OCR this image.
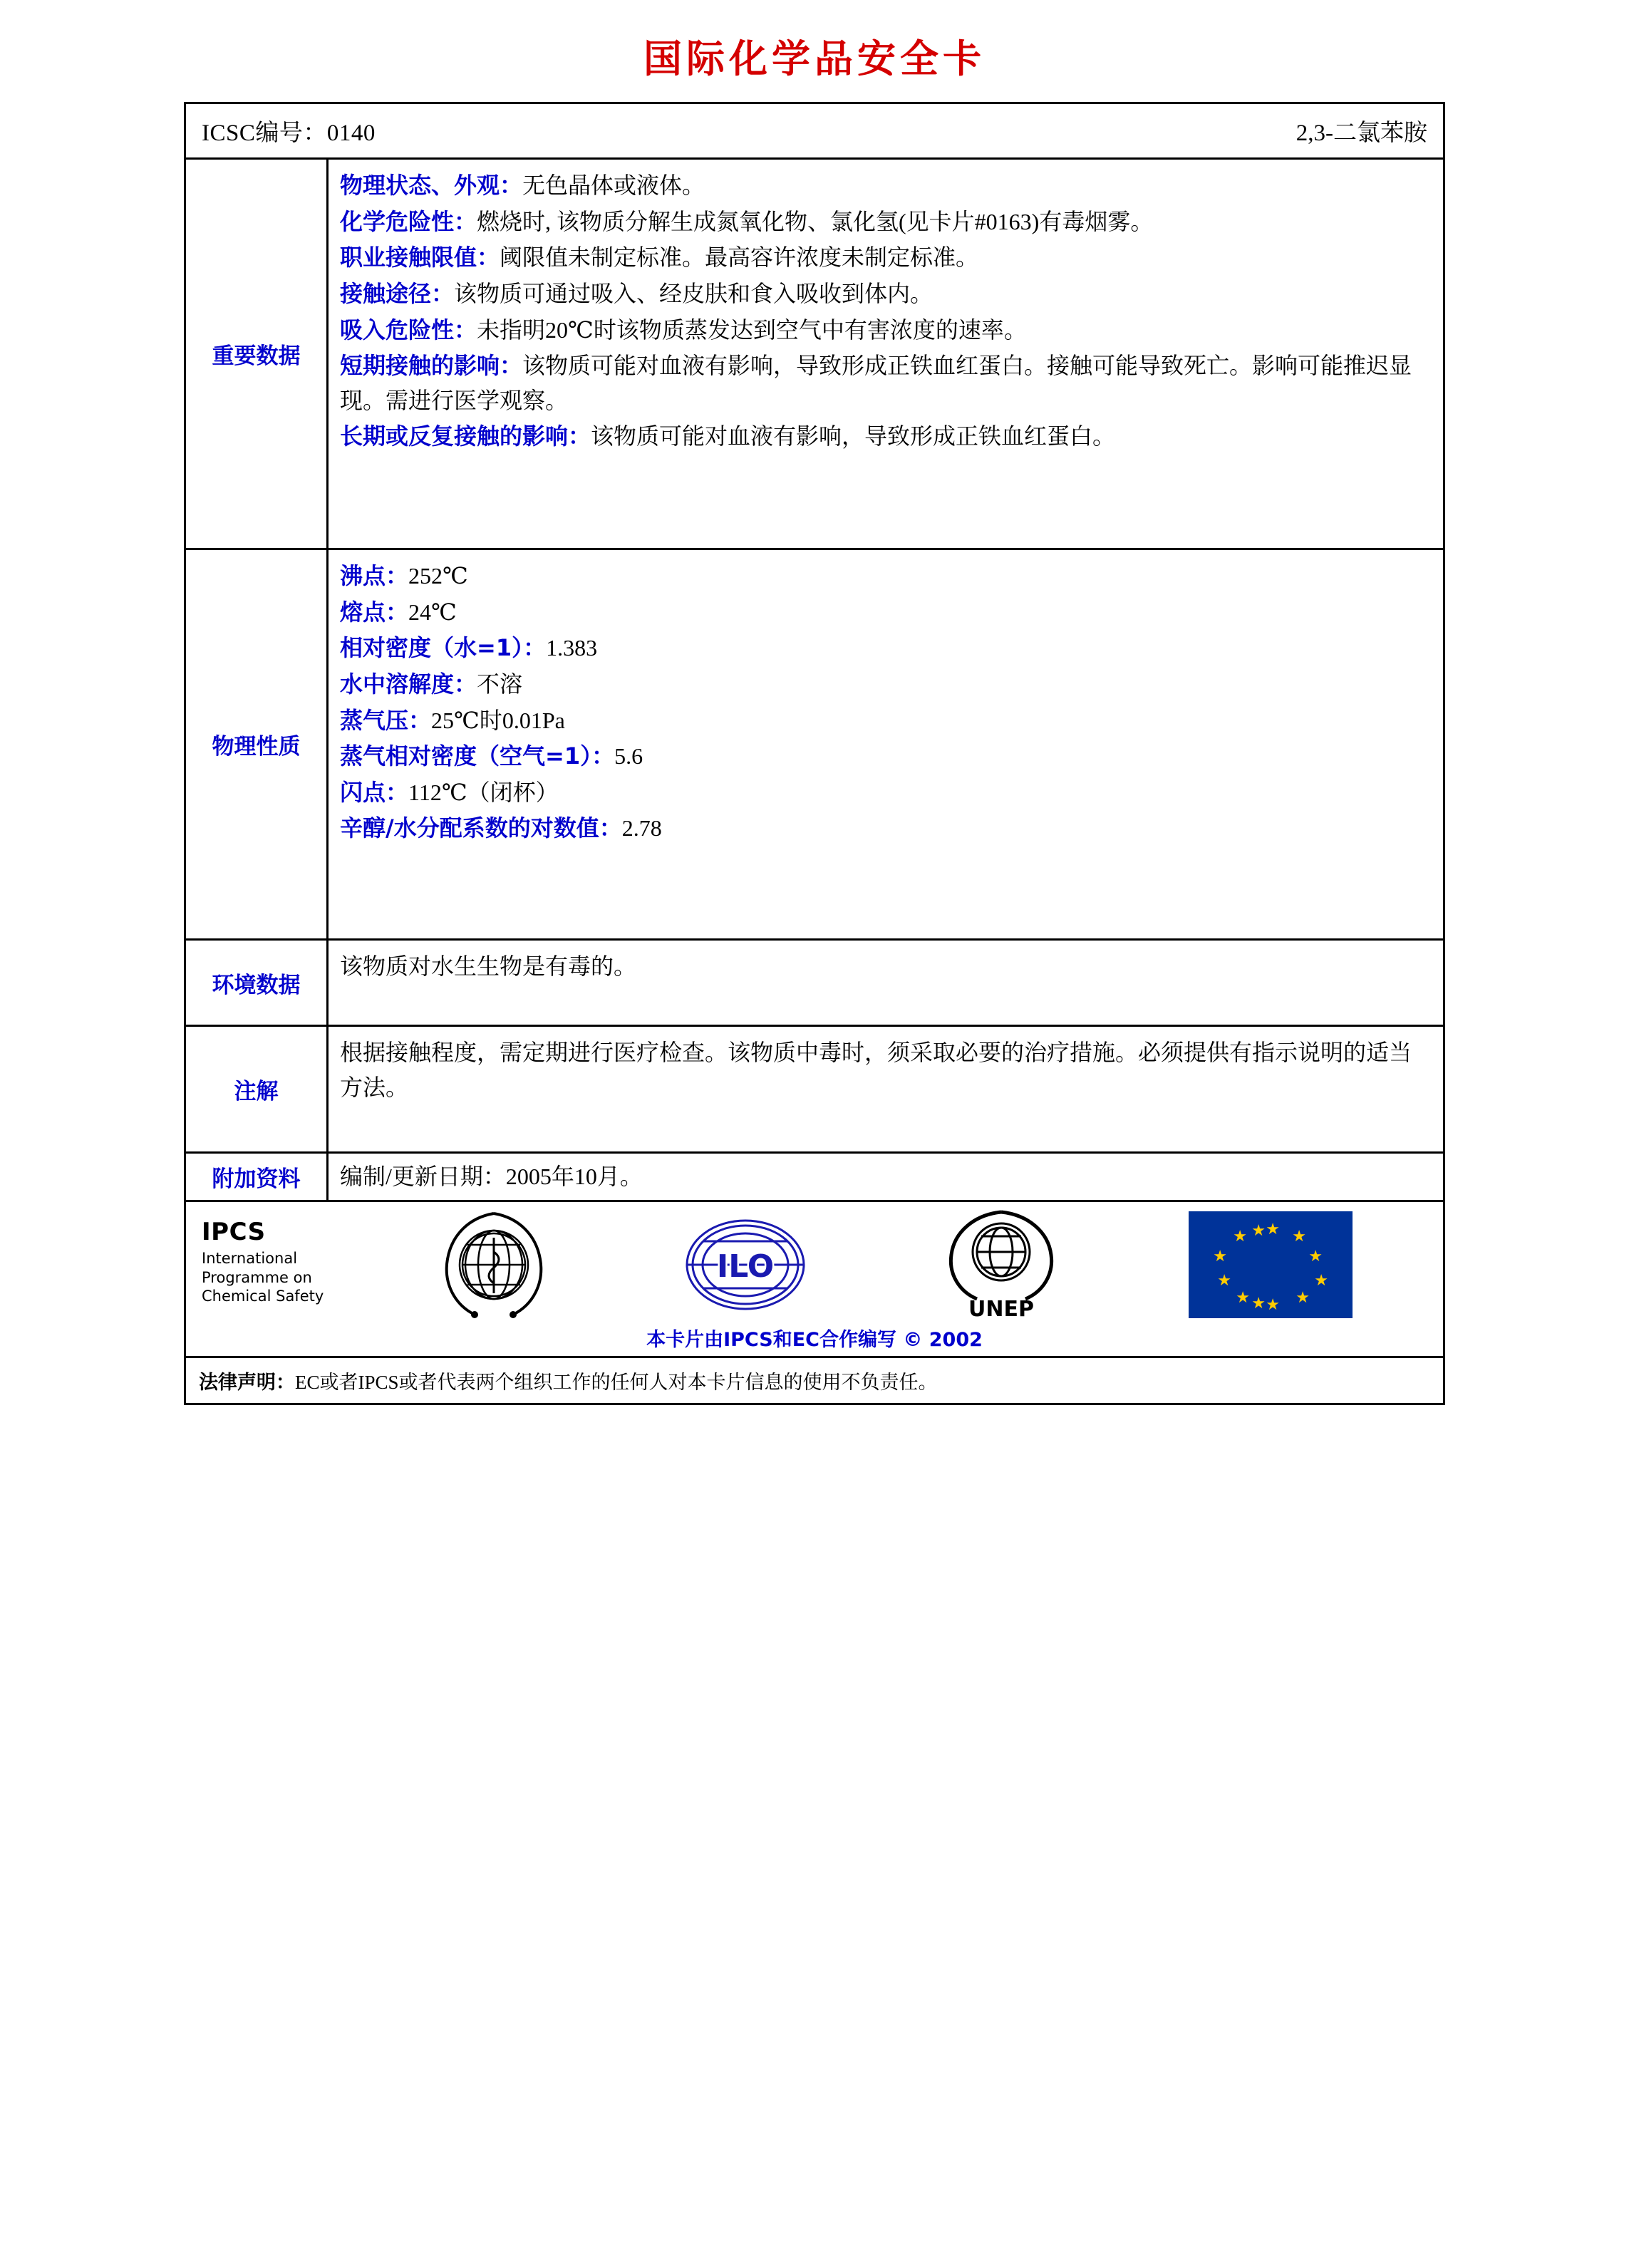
国际化学品安全卡
ICSC编号：0140	2,3-二氯苯胺
重要数据

物理状态、外观：无色晶体或液体。

化学危险性：燃烧时, 该物质分解生成氮氧化物、氯化氢(见卡片#0163)有毒烟雾。

职业接触限值：阈限值未制定标准。最高容许浓度未制定标准。

接触途径：该物质可通过吸入、经皮肤和食入吸收到体内。

吸入危险性：未指明20℃时该物质蒸发达到空气中有害浓度的速率。

短期接触的影响：该物质可能对血液有影响，导致形成正铁血红蛋白。接触可能导致死亡。影响可能推迟显现。需进行医学观察。

长期或反复接触的影响：该物质可能对血液有影响，导致形成正铁血红蛋白。

物理性质

沸点：252℃

熔点：24℃

相对密度（水=1）：1.383

水中溶解度：不溶

蒸气压：25℃时0.01Pa

蒸气相对密度（空气=1）：5.6

闪点：112℃（闭杯）

辛醇/水分配系数的对数值：2.78

环境数据

该物质对水生生物是有毒的。

注解

根据接触程度，需定期进行医疗检查。该物质中毒时，须采取必要的治疗措施。必须提供有指示说明的适当方法。

附加资料	编制/更新日期：2005年10月。

IPCS
International Programme on Chemical Safety
ILO
UNEP
★ ★
★
★
★
★
★
★
★
★ ★
★
本卡片由IPCS和EC合作编写 © 2002
法律声明：EC或者IPCS或者代表两个组织工作的任何人对本卡片信息的使用不负责任。
